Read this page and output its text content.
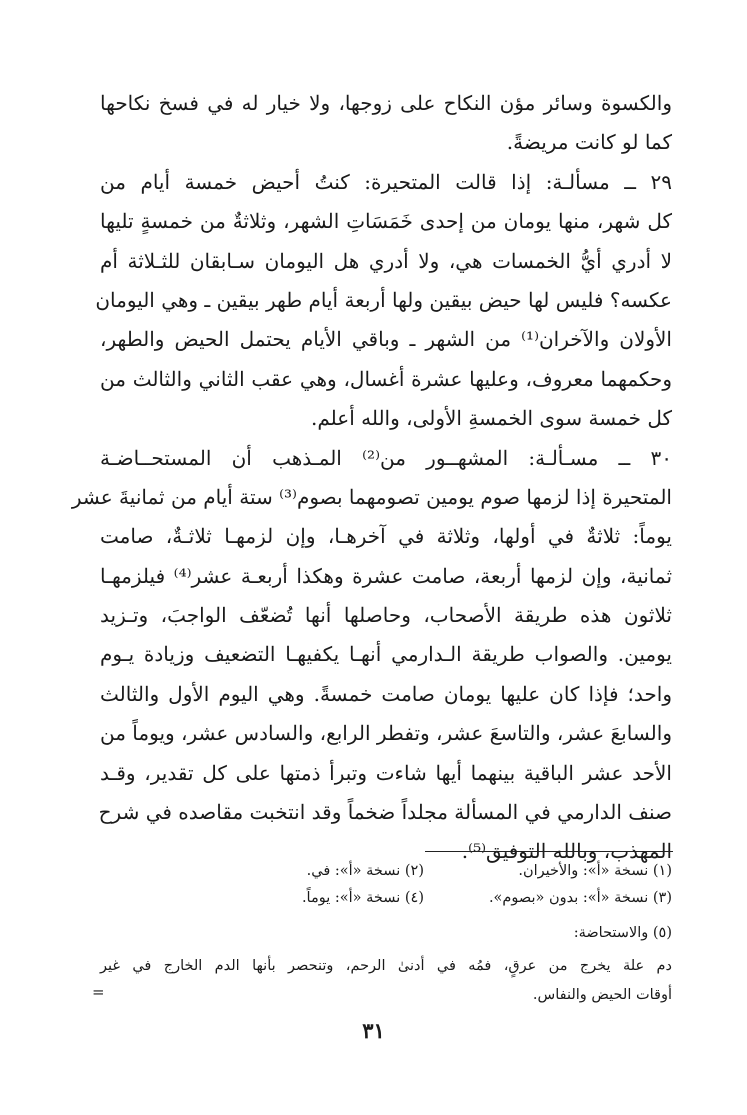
والكسوة وسائر مؤن النكاح على زوجها، ولا خيار له في فسخ نكاحها
كما لو كانت مريضةً.
٢٩ ــ مسألـة: إذا قالت المتحيرة: كنتُ أحيض خمسة أيام من
كل شهر، منها يومان من إحدى خَمَسَاتِ الشهر، وثلاثةٌ من خمسةٍ تليها
لا أدري أيُّ الخمسات هي، ولا أدري هل اليومان سـابقان للثـلاثة أم
عكسه؟ فليس لها حيض بيقين ولها أربعة أيام طهر بيقين ـ وهي اليومان
الأولان والآخران⁽¹⁾ من الشهر ـ وباقي الأيام يحتمل الحيض والطهر،
وحكمهما معروف، وعليها عشرة أغسال، وهي عقب الثاني والثالث من
كل خمسة سوى الخمسةِ الأولى، والله أعلم.
٣٠ ــ مسـألـة: المشهــور من⁽²⁾ المـذهب أن المستحــاضـة
المتحيرة إذا لزمها صوم يومين تصومهما بصوم⁽³⁾ ستة أيام من ثمانيةَ عشر
يوماً: ثلاثةٌ في أولها، وثلاثة في آخرهـا، وإن لزمهـا ثلاثـةٌ، صامت
ثمانية، وإن لزمها أربعة، صامت عشرة وهكذا أربعـة عشر⁽⁴⁾ فيلزمهـا
ثلاثون هذه طريقة الأصحاب، وحاصلها أنها تُضعّف الواجبَ، وتـزيد
يومين. والصواب طريقة الـدارمي أنهـا يكفيهـا التضعيف وزيادة يـوم
واحد؛ فإذا كان عليها يومان صامت خمسةً. وهي اليوم الأول والثالث
والسابعَ عشر، والتاسعَ عشر، وتفطر الرابع، والسادس عشر، ويوماً من
الأحد عشر الباقية بينهما أيها شاءت وتبرأ ذمتها على كل تقدير، وقـد
صنف الدارمي في المسألة مجلداً ضخماً وقد انتخبت مقاصده في شرح
المهذب، وبالله التوفيق⁽⁵⁾.
(١) نسخة «أ»: والأخيران.
(٢) نسخة «أ»: في.
(٣) نسخة «أ»: بدون «بصوم».
(٤) نسخة «أ»: يوماً.
(٥) والاستحاضة:
دم علة يخرج من عرقٍ، فمُه في أدنىٰ الرحم، وتنحصر بأنها الدم الخارج في غير
أوقات الحيض والنفاس.
=
٣١
